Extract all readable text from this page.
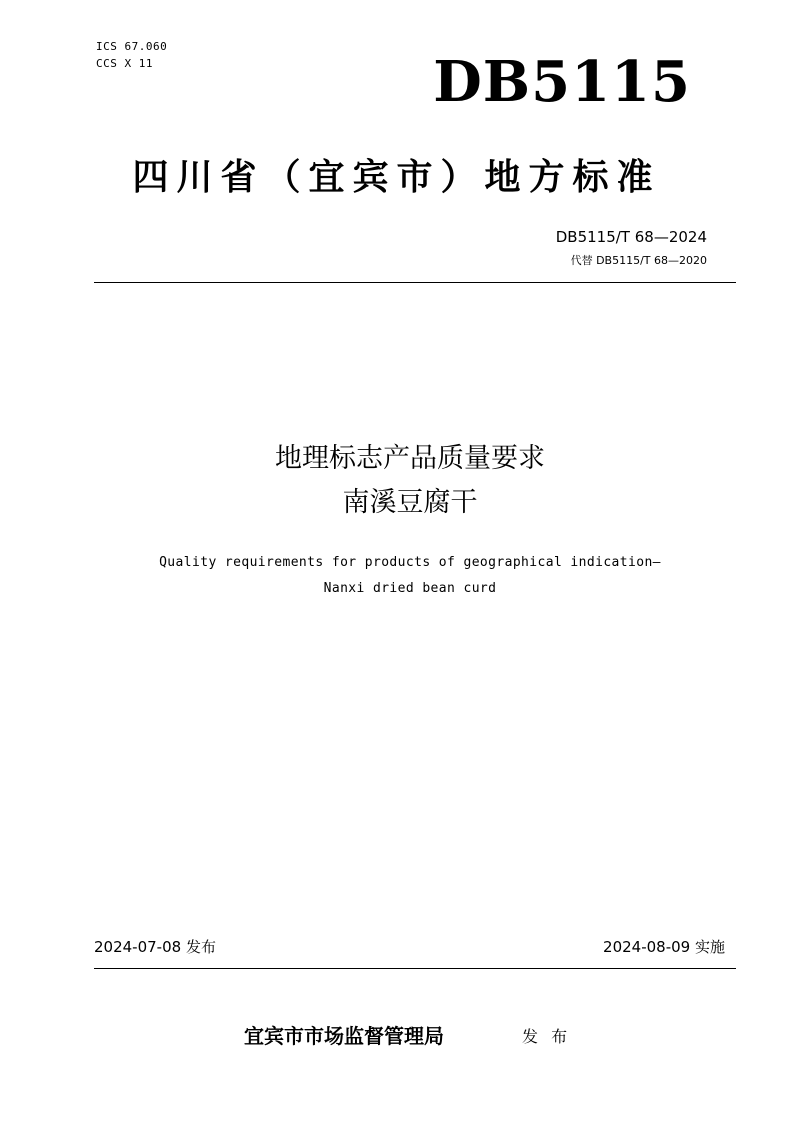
ICS 67.060
CCS X 11	DB5115
四川省（宜宾市）地方标准
DB5115/T 68—2024
代替 DB5115/T 68—2020
地理标志产品质量要求
南溪豆腐干
Quality requirements for products of geographical indication—
Nanxi dried bean curd
2024-07-08 发布	2024-08-09 实施
宜宾市市场监督管理局	发 布
